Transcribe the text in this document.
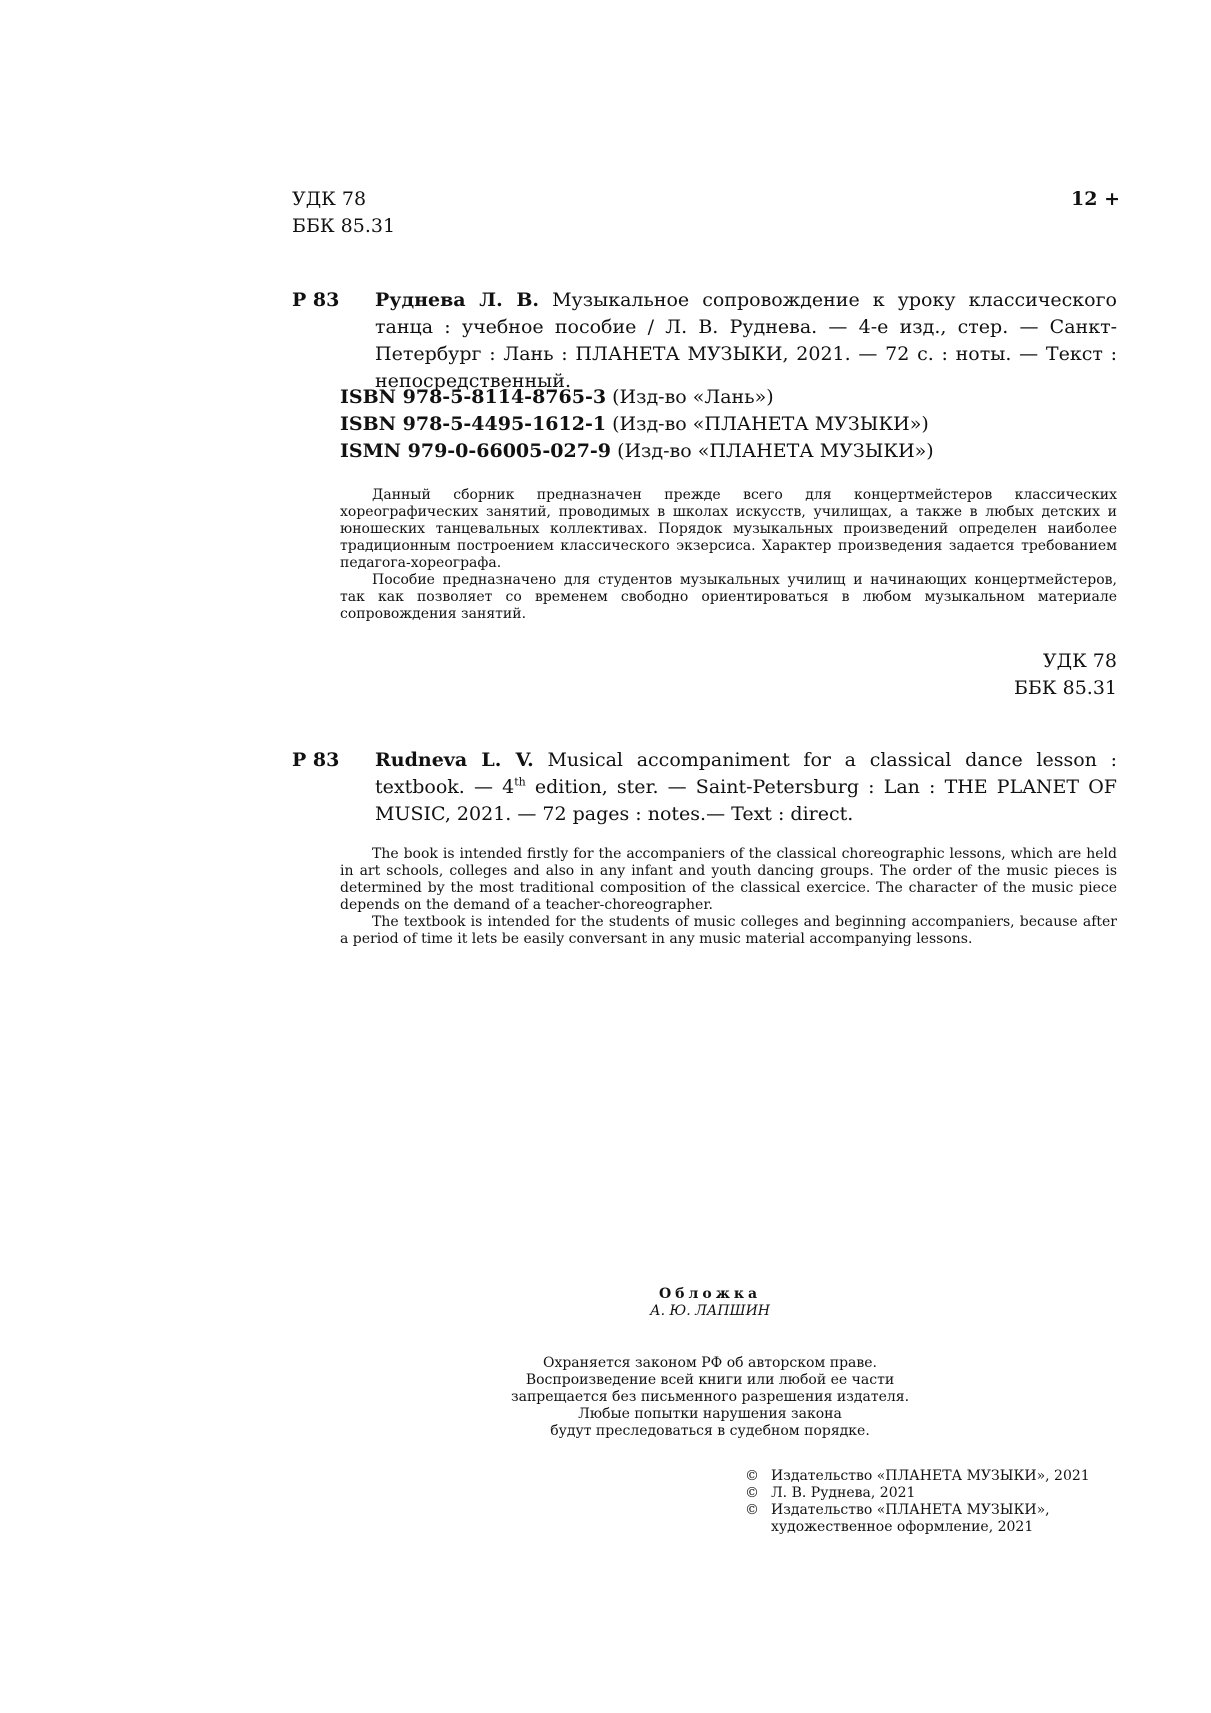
УДК 78
ББК 85.31
12 +
Р 83 Руднева Л. В. Музыкальное сопровождение к уроку классического танца : учебное пособие / Л. В. Руднева. — 4-е изд., стер. — Санкт-Петербург : Лань : ПЛАНЕТА МУЗЫКИ, 2021. — 72 с. : ноты. — Текст : непосредственный.
ISBN 978-5-8114-8765-3 (Изд-во «Лань»)
ISBN 978-5-4495-1612-1 (Изд-во «ПЛАНЕТА МУЗЫКИ»)
ISMN 979-0-66005-027-9 (Изд-во «ПЛАНЕТА МУЗЫКИ»)
Данный сборник предназначен прежде всего для концертмейстеров классических хореографических занятий, проводимых в школах искусств, училищах, а также в любых детских и юношеских танцевальных коллективах. Порядок музыкальных произведений определен наиболее традиционным построением классического экзерсиса. Характер произведения задается требованием педагога-хореографа.
Пособие предназначено для студентов музыкальных училищ и начинающих концертмейстеров, так как позволяет со временем свободно ориентироваться в любом музыкальном материале сопровождения занятий.
УДК 78
ББК 85.31
Р 83 Rudneva L. V. Musical accompaniment for a classical dance lesson : textbook. — 4th edition, ster. — Saint-Petersburg : Lan : THE PLANET OF MUSIC, 2021. — 72 pages : notes.— Text : direct.
The book is intended firstly for the accompaniers of the classical choreographic lessons, which are held in art schools, colleges and also in any infant and youth dancing groups. The order of the music pieces is determined by the most traditional composition of the classical exercice. The character of the music piece depends on the demand of a teacher-choreographer.
The textbook is intended for the students of music colleges and beginning accompaniers, because after a period of time it lets be easily conversant in any music material accompanying lessons.
Обложка
А. Ю. ЛАПШИН
Охраняется законом РФ об авторском праве.
Воспроизведение всей книги или любой ее части
запрещается без письменного разрешения издателя.
Любые попытки нарушения закона
будут преследоваться в судебном порядке.
© Издательство «ПЛАНЕТА МУЗЫКИ», 2021
© Л. В. Руднева, 2021
© Издательство «ПЛАНЕТА МУЗЫКИ», художественное оформление, 2021
